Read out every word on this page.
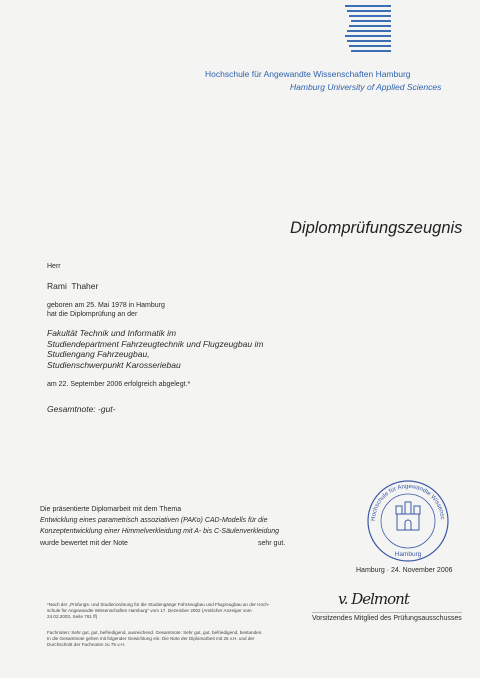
Hochschule für Angewandte Wissenschaften Hamburg
Hamburg University of Applied Sciences
Diplomprüfungszeugnis
Herr
Rami  Thaher
geboren am 25. Mai 1978 in Hamburg
hat die Diplomprüfung an der
Fakultät Technik und Informatik im
Studiendepartment Fahrzeugtechnik und Flugzeugbau im
Studiengang Fahrzeugbau,
Studienschwerpunkt Karosseriebau
am 22. September 2006 erfolgreich abgelegt.*
Gesamtnote: -gut-
Die präsentierte Diplomarbeit mit dem Thema
Entwicklung eines parametrisch assoziativen (PAKo) CAD-Modells für die
Konzeptentwicklung einer Himmelverkleidung mit A- bis C-Säulenverkleidung
wurde bewertet mit der Note	sehr gut.
Hochschule für Angewandte Wissensc
Hamburg
Hamburg · 24. November 2006
v. Delmont
Vorsitzendes Mitglied des Prüfungsausschusses
*Nach der „Prüfungs- und Studienordnung für die Studiengänge Fahrzeugbau und Flugzeugbau an der Hoch-
schule für Angewandte Wissenschaften Hamburg" vom 17. Dezember 2002 (Amtlicher Anzeiger vom
24.02.2003, Seite 761 ff)
Fachnoten: Sehr gut, gut, befriedigend, ausreichend. Gesamtnote: Sehr gut, gut, befriedigend, bestanden.
In die Gesamtnote gehen mit folgender Gewichtung ein: Die Note der Diplomarbeit mit 25 v.H. und der
Durchschnitt der Fachnoten zu 75 v.H.
